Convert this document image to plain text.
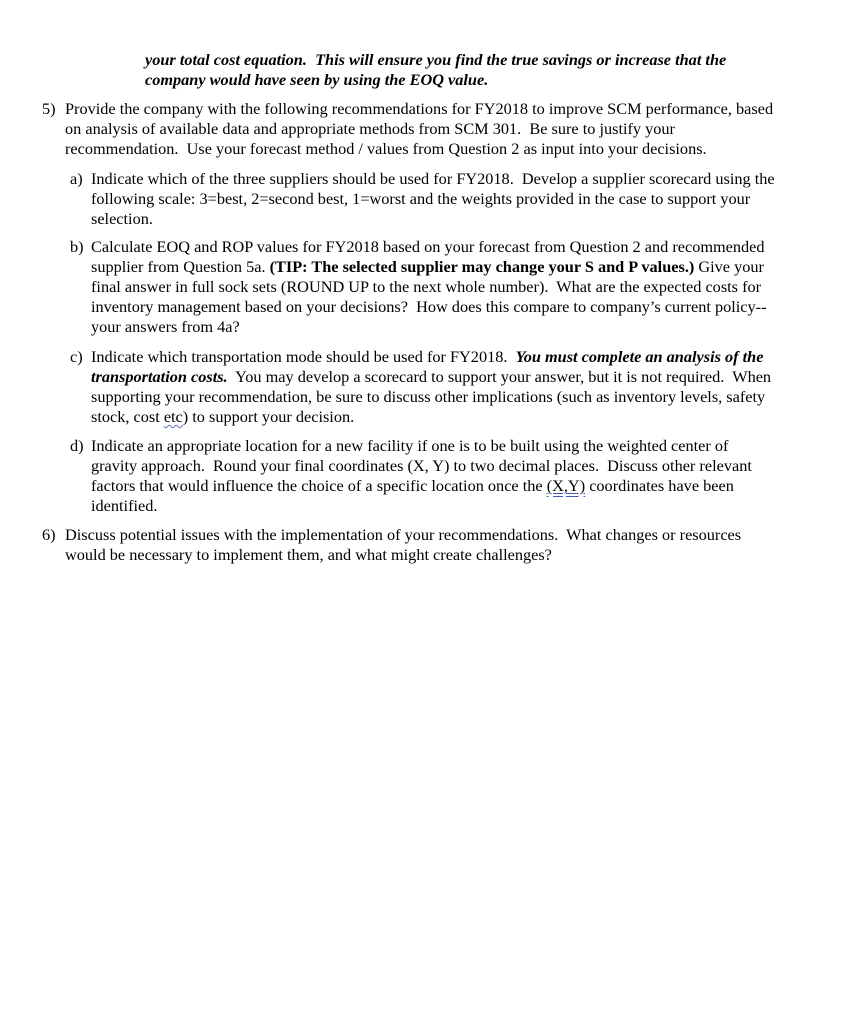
your total cost equation.  This will ensure you find the true savings or increase that the
company would have seen by using the EOQ value.
5) Provide the company with the following recommendations for FY2018 to improve SCM performance, based
on analysis of available data and appropriate methods from SCM 301.  Be sure to justify your
recommendation.  Use your forecast method / values from Question 2 as input into your decisions.
a) Indicate which of the three suppliers should be used for FY2018.  Develop a supplier scorecard using the
following scale: 3=best, 2=second best, 1=worst and the weights provided in the case to support your
selection.
b) Calculate EOQ and ROP values for FY2018 based on your forecast from Question 2 and recommended
supplier from Question 5a. (TIP: The selected supplier may change your S and P values.) Give your
final answer in full sock sets (ROUND UP to the next whole number).  What are the expected costs for
inventory management based on your decisions?  How does this compare to company’s current policy--
your answers from 4a?
c) Indicate which transportation mode should be used for FY2018.  You must complete an analysis of the
transportation costs.  You may develop a scorecard to support your answer, but it is not required.  When
supporting your recommendation, be sure to discuss other implications (such as inventory levels, safety
stock, cost etc) to support your decision.
d) Indicate an appropriate location for a new facility if one is to be built using the weighted center of
gravity approach.  Round your final coordinates (X, Y) to two decimal places.  Discuss other relevant
factors that would influence the choice of a specific location once the (X,Y) coordinates have been
identified.
6) Discuss potential issues with the implementation of your recommendations.  What changes or resources
would be necessary to implement them, and what might create challenges?
